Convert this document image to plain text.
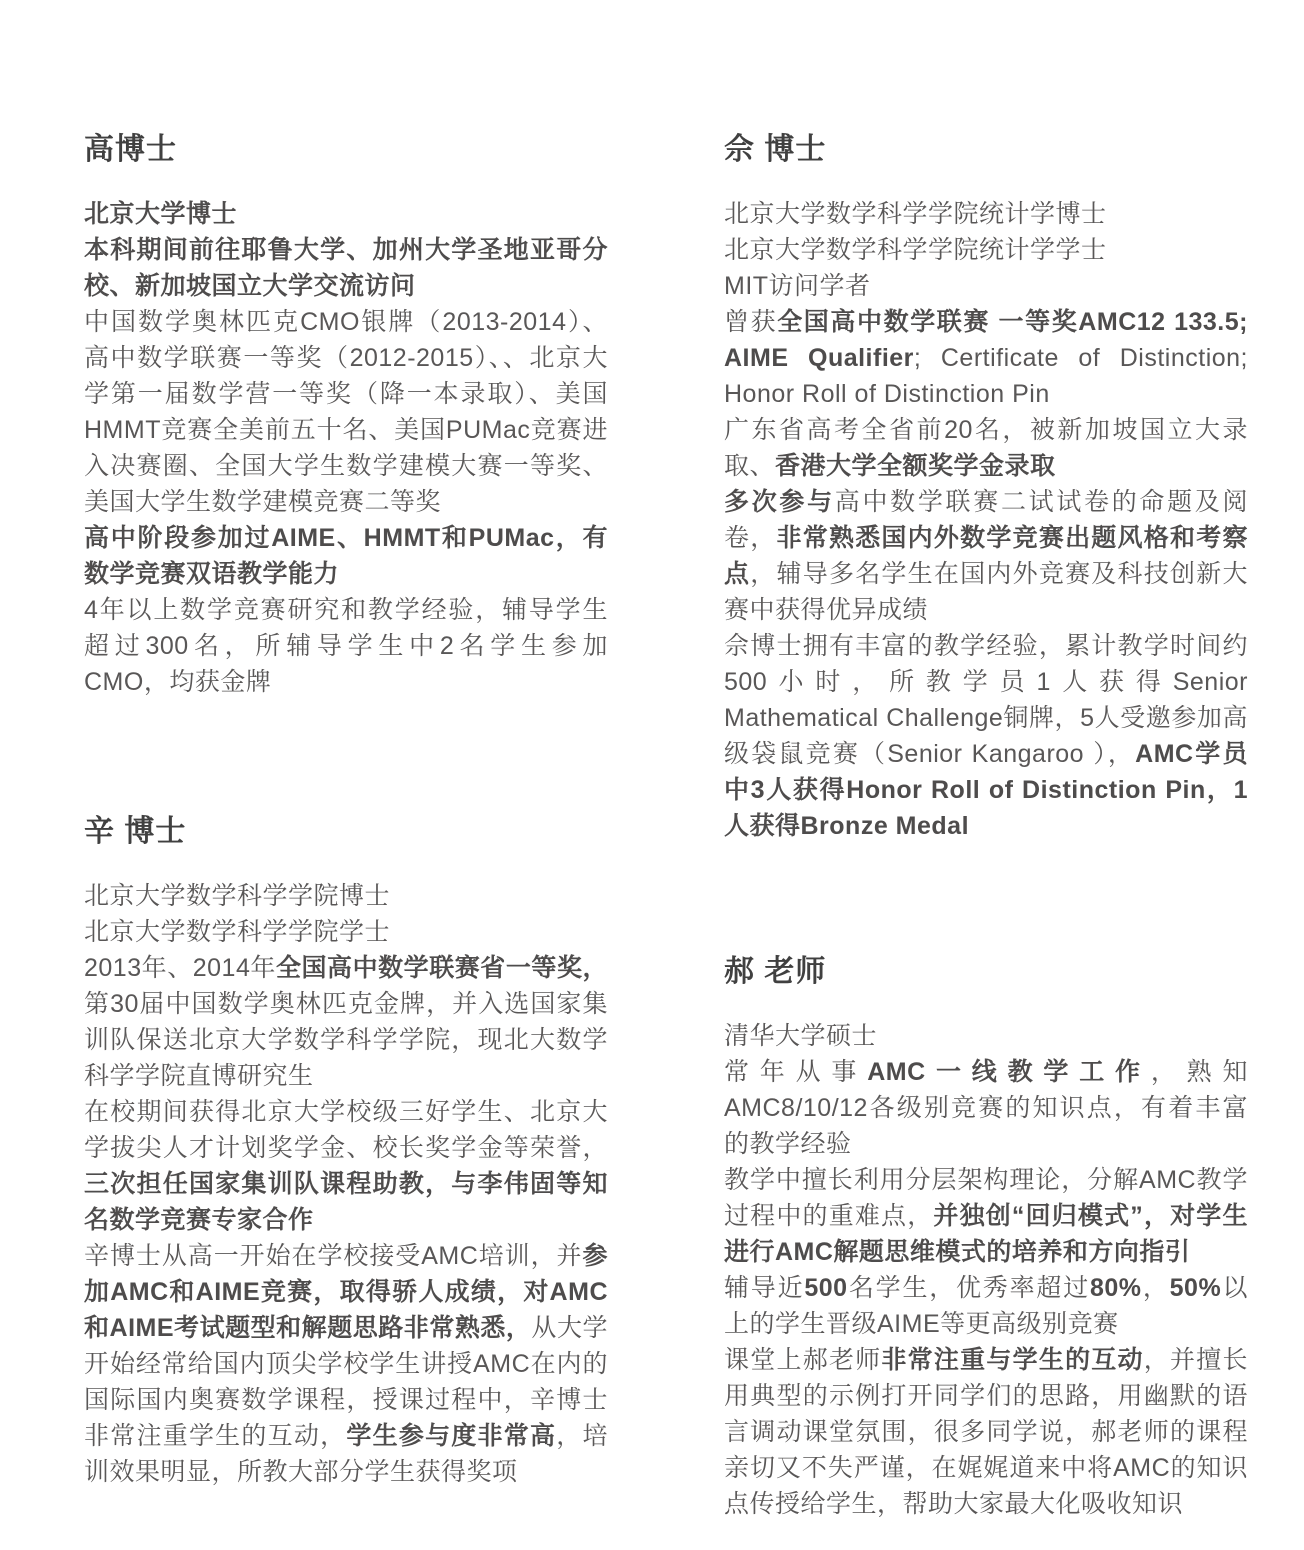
高博士

北京大学博士
本科期间前往耶鲁大学、加州大学圣地亚哥分校、新加坡国立大学交流访问
中国数学奥林匹克CMO银牌（2013-2014）、高中数学联赛一等奖（2012-2015）、、北京大学第一届数学营一等奖（降一本录取）、美国HMMT竞赛全美前五十名、美国PUMac竞赛进入决赛圈、全国大学生数学建模大赛一等奖、美国大学生数学建模竞赛二等奖
高中阶段参加过AIME、HMMT和PUMac，有数学竞赛双语教学能力
4年以上数学竞赛研究和教学经验，辅导学生超过300名，所辅导学生中2名学生参加CMO，均获金牌

佘 博士

北京大学数学科学学院统计学博士
北京大学数学科学学院统计学学士
MIT访问学者
曾获全国高中数学联赛 一等奖AMC12 133.5; AIME Qualifier; Certificate of Distinction; Honor Roll of Distinction Pin
广东省高考全省前20名，被新加坡国立大录取、香港大学全额奖学金录取
多次参与高中数学联赛二试试卷的命题及阅卷，非常熟悉国内外数学竞赛出题风格和考察点，辅导多名学生在国内外竞赛及科技创新大赛中获得优异成绩
佘博士拥有丰富的教学经验，累计教学时间约500小时，所教学员1人获得Senior Mathematical Challenge铜牌，5人受邀参加高级袋鼠竞赛（Senior Kangaroo ），AMC学员中3人获得Honor Roll of Distinction Pin，1人获得Bronze Medal

辛 博士

北京大学数学科学学院博士
北京大学数学科学学院学士
2013年、2014年全国高中数学联赛省一等奖，第30届中国数学奥林匹克金牌，并入选国家集训队保送北京大学数学科学学院，现北大数学科学学院直博研究生
在校期间获得北京大学校级三好学生、北京大学拔尖人才计划奖学金、校长奖学金等荣誉，三次担任国家集训队课程助教，与李伟固等知名数学竞赛专家合作
辛博士从高一开始在学校接受AMC培训，并参加AMC和AIME竞赛，取得骄人成绩，对AMC和AIME考试题型和解题思路非常熟悉，从大学开始经常给国内顶尖学校学生讲授AMC在内的国际国内奥赛数学课程，授课过程中，辛博士非常注重学生的互动，学生参与度非常高，培训效果明显，所教大部分学生获得奖项

郝 老师

清华大学硕士
常年从事AMC一线教学工作，熟知AMC8/10/12各级别竞赛的知识点，有着丰富的教学经验
教学中擅长利用分层架构理论，分解AMC教学过程中的重难点，并独创“回归模式”，对学生进行AMC解题思维模式的培养和方向指引
辅导近500名学生，优秀率超过80%，50%以上的学生晋级AIME等更高级别竞赛
课堂上郝老师非常注重与学生的互动，并擅长用典型的示例打开同学们的思路，用幽默的语言调动课堂氛围，很多同学说，郝老师的课程亲切又不失严谨，在娓娓道来中将AMC的知识点传授给学生，帮助大家最大化吸收知识
